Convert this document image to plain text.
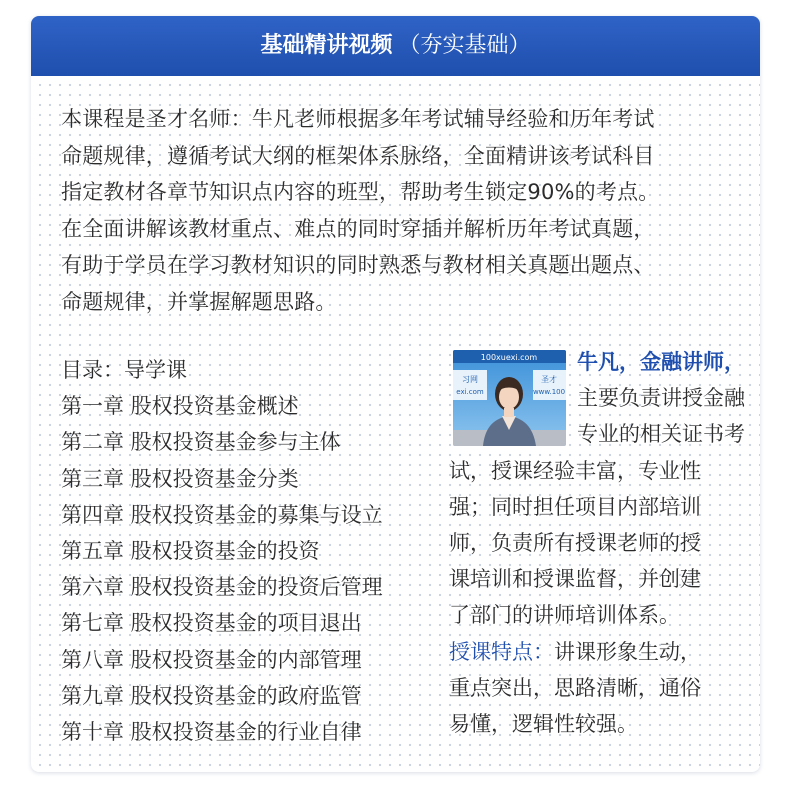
基础精讲视频 （夯实基础）
本课程是圣才名师：牛凡老师根据多年考试辅导经验和历年考试
命题规律，遵循考试大纲的框架体系脉络，全面精讲该考试科目
指定教材各章节知识点内容的班型，帮助考生锁定90%的考点。
在全面讲解该教材重点、难点的同时穿插并解析历年考试真题，
有助于学员在学习教材知识的同时熟悉与教材相关真题出题点、
命题规律，并掌握解题思路。
目录：导学课
第一章 股权投资基金概述
第二章 股权投资基金参与主体
第三章 股权投资基金分类
第四章 股权投资基金的募集与设立
第五章 股权投资基金的投资
第六章 股权投资基金的投资后管理
第七章 股权投资基金的项目退出
第八章 股权投资基金的内部管理
第九章 股权投资基金的政府监管
第十章 股权投资基金的行业自律
100xuexi.com
习网
exi.com
圣才
www.100
牛凡，金融讲师，
主要负责讲授金融
专业的相关证书考
试，授课经验丰富，专业性
强；同时担任项目内部培训
师，负责所有授课老师的授
课培训和授课监督，并创建
了部门的讲师培训体系。
授课特点：讲课形象生动，
重点突出，思路清晰，通俗
易懂，逻辑性较强。
